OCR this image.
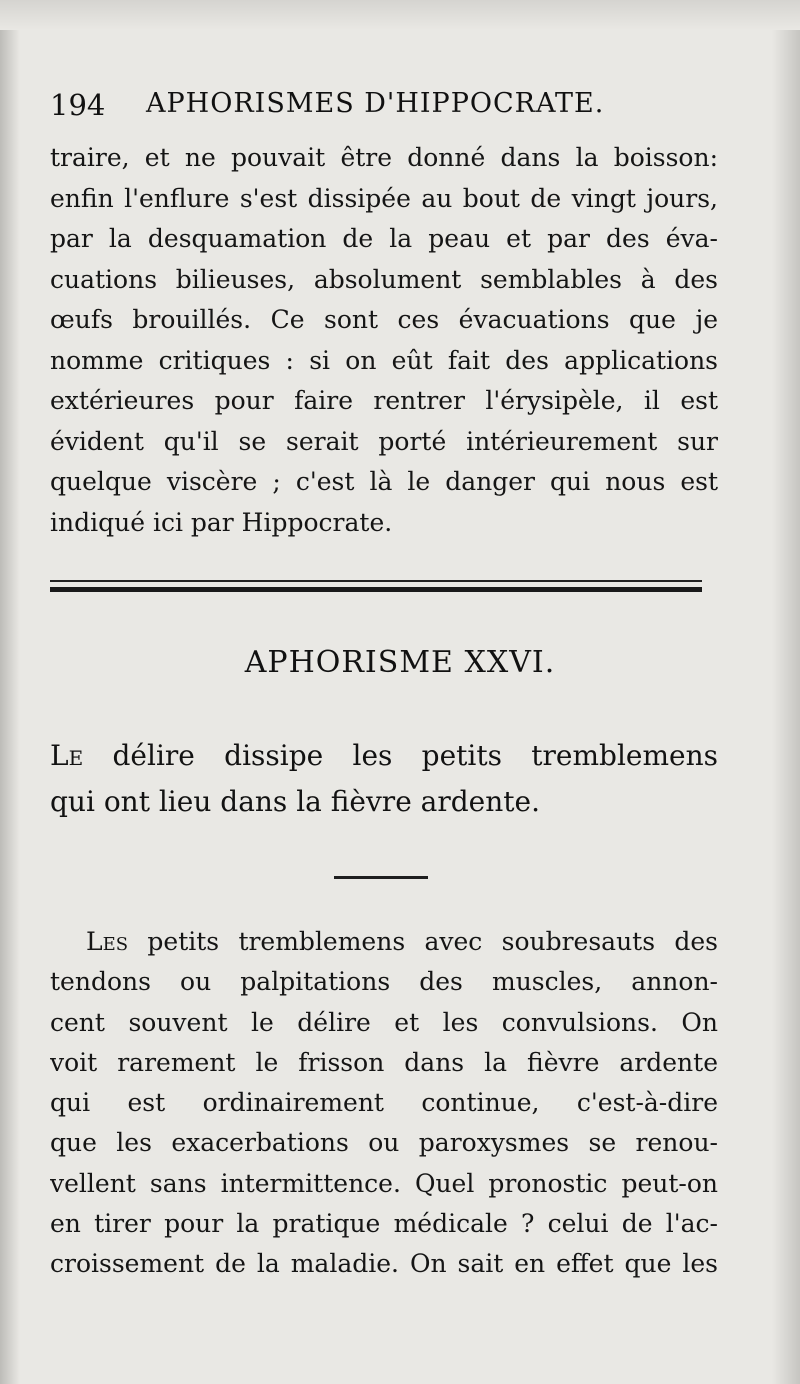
194 APHORISMES D'HIPPOCRATE.
traire, et ne pouvait être donné dans la boisson:
enfin l'enflure s'est dissipée au bout de vingt jours,
par la desquamation de la peau et par des éva-
cuations bilieuses, absolument semblables à des
œufs brouillés. Ce sont ces évacuations que je
nomme critiques : si on eût fait des applications
extérieures pour faire rentrer l'érysipèle, il est
évident qu'il se serait porté intérieurement sur
quelque viscère ; c'est là le danger qui nous est
indiqué ici par Hippocrate.
APHORISME XXVI.
Le délire dissipe les petits tremblemens
qui ont lieu dans la fièvre ardente.
Les petits tremblemens avec soubresauts des
tendons ou palpitations des muscles, annon-
cent souvent le délire et les convulsions. On
voit rarement le frisson dans la fièvre ardente
qui est ordinairement continue, c'est-à-dire
que les exacerbations ou paroxysmes se renou-
vellent sans intermittence. Quel pronostic peut-on
en tirer pour la pratique médicale ? celui de l'ac-
croissement de la maladie. On sait en effet que les
